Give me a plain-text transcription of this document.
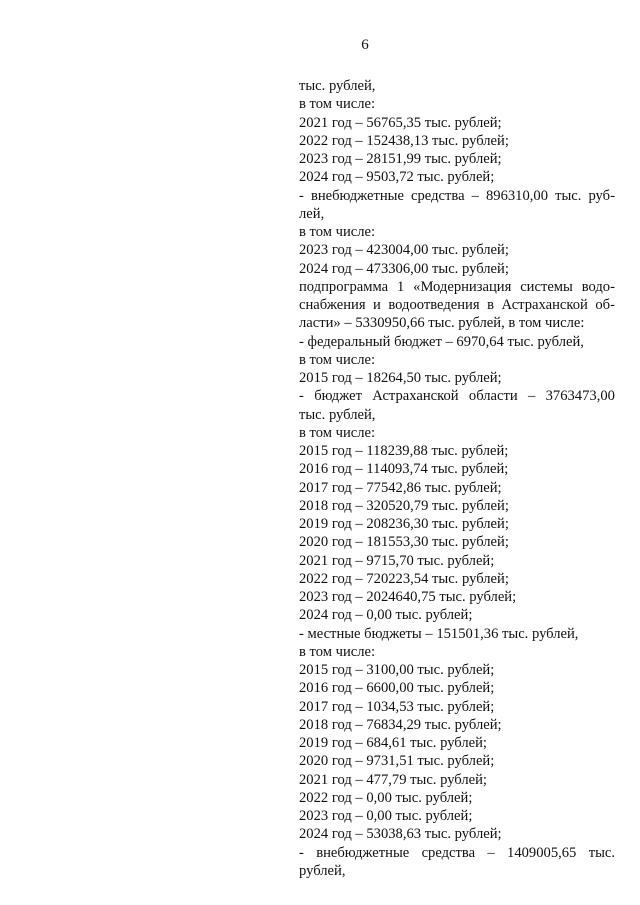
6
тыс. рублей,
в том числе:
2021 год – 56765,35 тыс. рублей;
2022 год – 152438,13 тыс. рублей;
2023 год – 28151,99 тыс. рублей;
2024 год – 9503,72 тыс. рублей;
- внебюджетные средства – 896310,00 тыс. руб-
лей,
в том числе:
2023 год – 423004,00 тыс. рублей;
2024 год – 473306,00 тыс. рублей;
подпрограмма 1 «Модернизация системы водо-
снабжения и водоотведения в Астраханской об-
ласти» – 5330950,66 тыс. рублей, в том числе:
- федеральный бюджет – 6970,64 тыс. рублей,
в том числе:
2015 год – 18264,50 тыс. рублей;
- бюджет Астраханской области – 3763473,00
тыс. рублей,
в том числе:
2015 год – 118239,88 тыс. рублей;
2016 год – 114093,74 тыс. рублей;
2017 год – 77542,86 тыс. рублей;
2018 год – 320520,79 тыс. рублей;
2019 год – 208236,30 тыс. рублей;
2020 год – 181553,30 тыс. рублей;
2021 год – 9715,70 тыс. рублей;
2022 год – 720223,54 тыс. рублей;
2023 год – 2024640,75 тыс. рублей;
2024 год – 0,00 тыс. рублей;
- местные бюджеты – 151501,36 тыс. рублей,
в том числе:
2015 год – 3100,00 тыс. рублей;
2016 год – 6600,00 тыс. рублей;
2017 год – 1034,53 тыс. рублей;
2018 год – 76834,29 тыс. рублей;
2019 год – 684,61 тыс. рублей;
2020 год – 9731,51 тыс. рублей;
2021 год – 477,79 тыс. рублей;
2022 год – 0,00 тыс. рублей;
2023 год – 0,00 тыс. рублей;
2024 год – 53038,63 тыс. рублей;
- внебюджетные средства – 1409005,65 тыс.
рублей,
